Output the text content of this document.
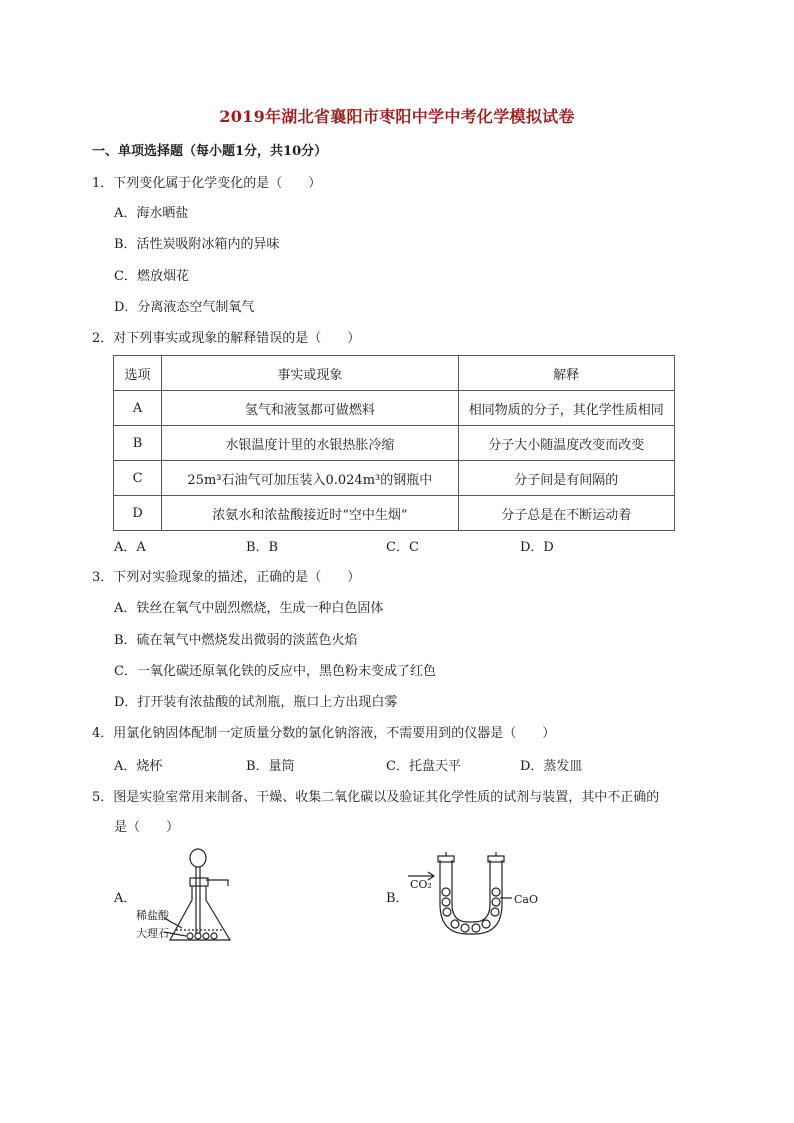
2019年湖北省襄阳市枣阳中学中考化学模拟试卷
一、单项选择题（每小题1分，共10分）
1．下列变化属于化学变化的是（　　）
A．海水晒盐
B．活性炭吸附冰箱内的异味
C．燃放烟花
D．分离液态空气制氧气
2．对下列事实或现象的解释错误的是（　　）
选项	事实或现象	解释
A	氢气和液氢都可做燃料	相同物质的分子，其化学性质相同
B	水银温度计里的水银热胀冷缩	分子大小随温度改变而改变
C	25m³石油气可加压装入0.024m³的钢瓶中	分子间是有间隔的
D	浓氨水和浓盐酸接近时“空中生烟”	分子总是在不断运动着
A．A	B．B	C．C	D．D
3．下列对实验现象的描述，正确的是（　　）
A．铁丝在氧气中剧烈燃烧，生成一种白色固体
B．硫在氧气中燃烧发出微弱的淡蓝色火焰
C．一氧化碳还原氧化铁的反应中，黑色粉末变成了红色
D．打开装有浓盐酸的试剂瓶，瓶口上方出现白雾
4．用氯化钠固体配制一定质量分数的氯化钠溶液，不需要用到的仪器是（　　）
A．烧杯	B．量筒	C．托盘天平	D．蒸发皿
5．图是实验室常用来制备、干燥、收集二氧化碳以及验证其化学性质的试剂与装置，其中不正确的
是（　　）
A．
稀盐酸
大理石
B．
CO₂
CaO
